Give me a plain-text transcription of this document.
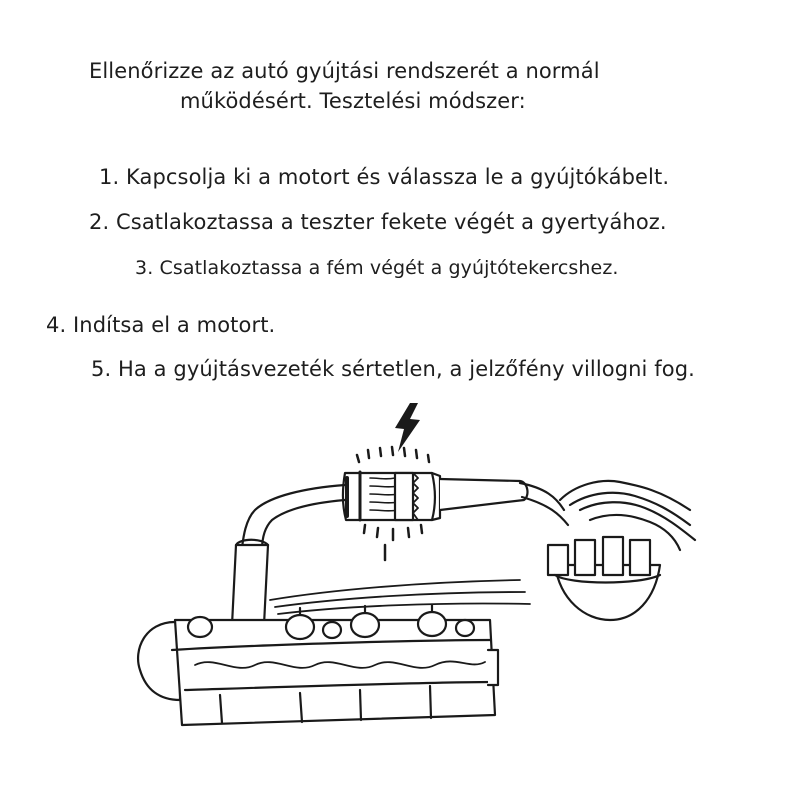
Ellenőrizze az autó gyújtási rendszerét a normál
működésért. Tesztelési módszer:
1. Kapcsolja ki a motort és válassza le a gyújtókábelt.
2. Csatlakoztassa a teszter fekete végét a gyertyához.
3. Csatlakoztassa a fém végét a gyújtótekercshez.
4. Indítsa el a motort.
5. Ha a gyújtásvezeték sértetlen, a jelzőfény villogni fog.
